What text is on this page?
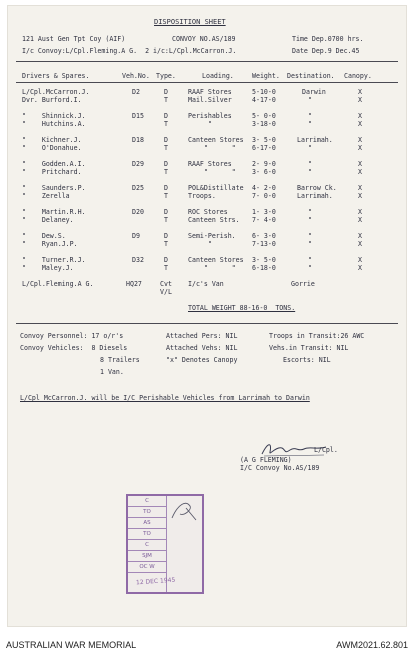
DISPOSITION SHEET
121 Aust Gen Tpt Coy (AIF)	CONVOY NO.AS/189	Time Dep.0700 hrs.
I/c Convoy:L/Cpl.Fleming.A G.  2 i/c:L/Cpl.McCarron.J.	Date Dep.9 Dec.45
Drivers & Spares.	Veh.No. Type.	Loading.	Weight. Destination. Canopy.
L/Cpl.McCarron.J.	D2	D	RAAF Stores	5-10-0	Darwin	X
Dvr. Burford.I.	T	Mail.Silver	4-17-0	"	X
"    Shinnick.J.	D15	D	Perishables	5- 0-0	"	X
"    Hutchins.A.	T	"	3-18-0	"	X
"    Kichner.J.	D18	D	Canteen Stores 3- 5-0	Larrimah.	X
"    O'Donahue.	T	"      " 6-17-0	"	X
"    Godden.A.I.	D29	D	RAAF Stores	2- 9-0	"	X
"    Pritchard.	T	"      " 3- 6-0	"	X
"    Saunders.P.	D25	D	POL&Distillate 4- 2-0	Barrow Ck.	X
"    Zerella	T	Troops.	7- 0-0	Larrimah.	X
"    Martin.R.H.	D20	D	ROC Stores	1- 3-0	"	X
"    Delaney.	T	Canteen Strs. 7- 4-0	"	X
"    Dew.S.	D9	D	Semi-Perish. 6- 3-0	"	X
"    Ryan.J.P.	T	"	7-13-0	"	X
"    Turner.R.J.	D32	D	Canteen Stores 3- 5-0	"	X
"    Maley.J.	T	"      " 6-18-0	"	X
L/Cpl.Fleming.A G.	HQ27	Cvt I/c's Van	Gorrie
V/L
TOTAL WEIGHT 88-16-0  TONS.
Convoy Personnel: 17 o/r's
Convoy Vehicles:  8 Diesels
8 Trailers
1 Van.
Attached Pers: NIL
Attached Vehs: NIL
"x" Denotes Canopy
Troops in Transit:26 AWC
Vehs.in Transit: NIL
Escorts: NIL
L/Cpl McCarron.J. will be I/C Perishable Vehicles from Larrimah to Darwin
L/Cpl.
(A G FLEMING)
I/C Convoy No.AS/189
C
TO
AS
TO
C
SJM
OC W
12 DEC 1945
AUSTRALIAN WAR MEMORIAL	AWM2021.62.801
